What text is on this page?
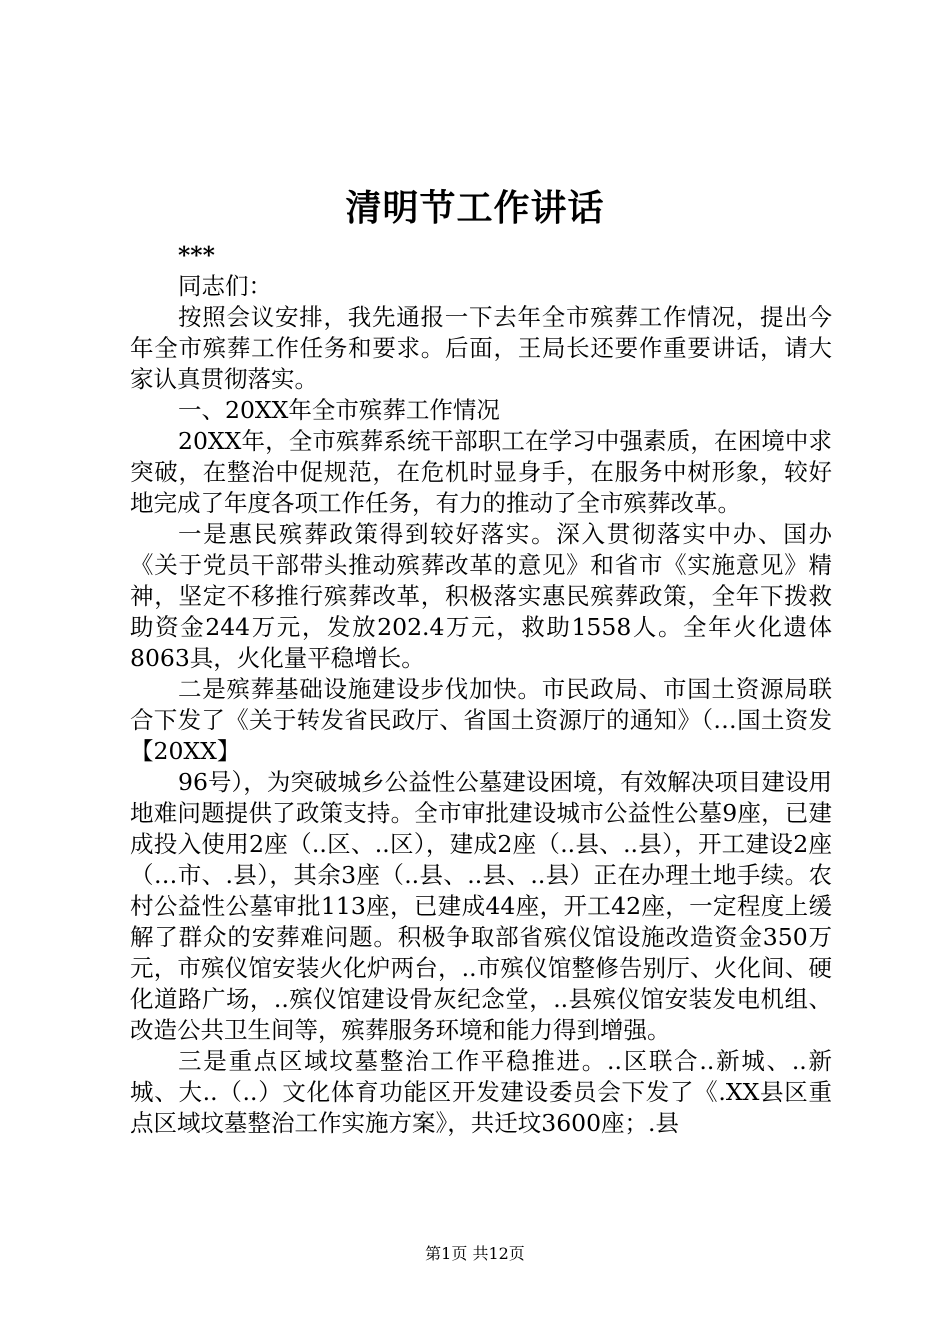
清明节工作讲话

***

同志们：

按照会议安排，我先通报一下去年全市殡葬工作情况，提出今年全市殡葬工作任务和要求。后面，王局长还要作重要讲话，请大家认真贯彻落实。

一、20XX年全市殡葬工作情况

20XX年，全市殡葬系统干部职工在学习中强素质，在困境中求突破，在整治中促规范，在危机时显身手，在服务中树形象，较好地完成了年度各项工作任务，有力的推动了全市殡葬改革。

一是惠民殡葬政策得到较好落实。深入贯彻落实中办、国办《关于党员干部带头推动殡葬改革的意见》和省市《实施意见》精神，坚定不移推行殡葬改革，积极落实惠民殡葬政策，全年下拨救助资金244万元，发放202.4万元，救助1558人。全年火化遗体8063具，火化量平稳增长。

二是殡葬基础设施建设步伐加快。市民政局、市国土资源局联合下发了《关于转发省民政厅、省国土资源厅的通知》（…国土资发【20XX】

96号），为突破城乡公益性公墓建设困境，有效解决项目建设用地难问题提供了政策支持。全市审批建设城市公益性公墓9座，已建成投入使用2座（..区、..区），建成2座（..县、..县），开工建设2座（…市、.县），其余3座（..县、..县、..县）正在办理土地手续。农村公益性公墓审批113座，已建成44座，开工42座，一定程度上缓解了群众的安葬难问题。积极争取部省殡仪馆设施改造资金350万元，市殡仪馆安装火化炉两台，..市殡仪馆整修告别厅、火化间、硬化道路广场，..殡仪馆建设骨灰纪念堂，..县殡仪馆安装发电机组、改造公共卫生间等，殡葬服务环境和能力得到增强。

三是重点区域坟墓整治工作平稳推进。..区联合..新城、..新城、大..（..）文化体育功能区开发建设委员会下发了《.XX县区重点区域坟墓整治工作实施方案》，共迁坟3600座；.县

第1页 共12页
